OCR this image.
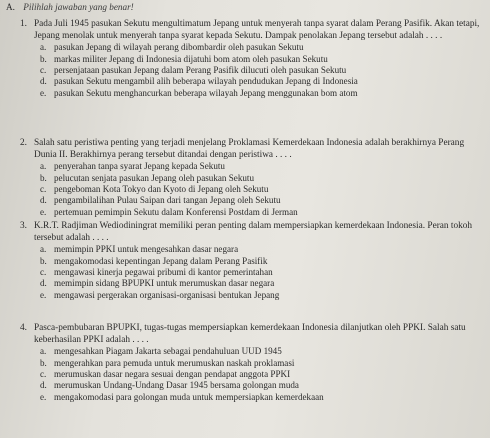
A. Pilihlah jawaban yang benar!
1. Pada Juli 1945 pasukan Sekutu mengultimatum Jepang untuk menyerah tanpa syarat dalam Perang Pasifik. Akan tetapi, Jepang menolak untuk menyerah tanpa syarat kepada Sekutu. Dampak penolakan Jepang tersebut adalah . . . .
a. pasukan Jepang di wilayah perang dibombardir oleh pasukan Sekutu
b. markas militer Jepang di Indonesia dijatuhi bom atom oleh pasukan Sekutu
c. persenjataan pasukan Jepang dalam Perang Pasifik dilucuti oleh pasukan Sekutu
d. pasukan Sekutu mengambil alih beberapa wilayah pendudukan Jepang di Indonesia
e. pasukan Sekutu menghancurkan beberapa wilayah Jepang menggunakan bom atom
2. Salah satu peristiwa penting yang terjadi menjelang Proklamasi Kemerdekaan Indonesia adalah berakhirnya Perang Dunia II. Berakhirnya perang tersebut ditandai dengan peristiwa . . . .
a. penyerahan tanpa syarat Jepang kepada Sekutu
b. pelucutan senjata pasukan Jepang oleh pasukan Sekutu
c. pengeboman Kota Tokyo dan Kyoto di Jepang oleh Sekutu
d. pengambilalihan Pulau Saipan dari tangan Jepang oleh Sekutu
e. pertemuan pemimpin Sekutu dalam Konferensi Postdam di Jerman
3. K.R.T. Radjiman Wediodiningrat memiliki peran penting dalam mempersiapkan kemerdekaan Indonesia. Peran tokoh tersebut adalah . . . .
a. memimpin PPKI untuk mengesahkan dasar negara
b. mengakomodasi kepentingan Jepang dalam Perang Pasifik
c. mengawasi kinerja pegawai pribumi di kantor pemerintahan
d. memimpin sidang BPUPKI untuk merumuskan dasar negara
e. mengawasi pergerakan organisasi-organisasi bentukan Jepang
4. Pasca-pembubaran BPUPKI, tugas-tugas mempersiapkan kemerdekaan Indonesia dilanjutkan oleh PPKI. Salah satu keberhasilan PPKI adalah . . . .
a. mengesahkan Piagam Jakarta sebagai pendahuluan UUD 1945
b. mengerahkan para pemuda untuk merumuskan naskah proklamasi
c. merumuskan dasar negara sesuai dengan pendapat anggota PPKI
d. merumuskan Undang-Undang Dasar 1945 bersama golongan muda
e. mengakomodasi para golongan muda untuk mempersiapkan kemerdekaan
